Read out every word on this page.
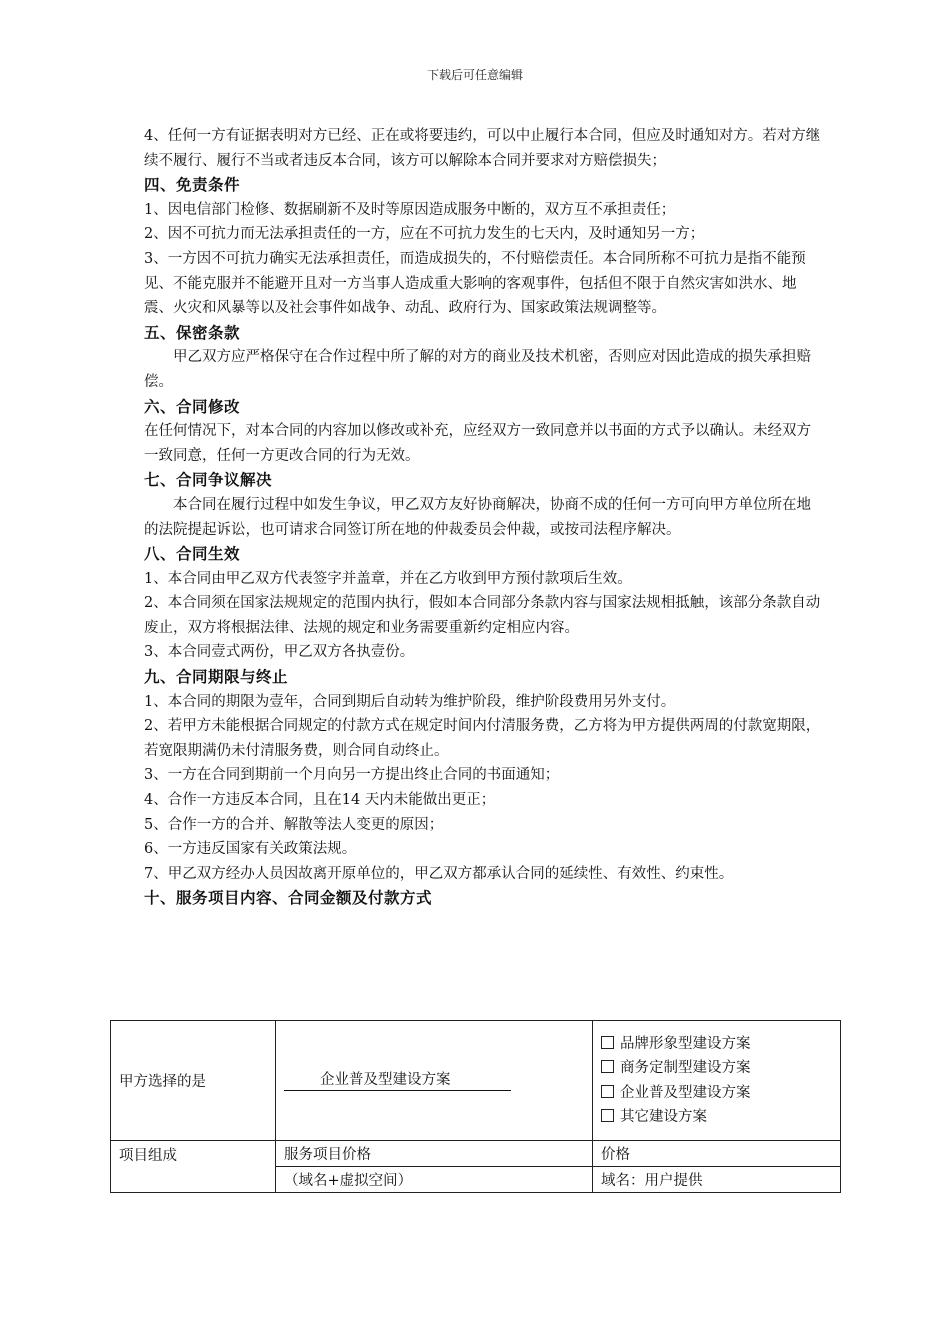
下载后可任意编辑
4、任何一方有证据表明对方已经、正在或将要违约，可以中止履行本合同，但应及时通知对方。若对方继续不履行、履行不当或者违反本合同，该方可以解除本合同并要求对方赔偿损失；
四、免责条件
1、因电信部门检修、数据刷新不及时等原因造成服务中断的，双方互不承担责任；
2、因不可抗力而无法承担责任的一方，应在不可抗力发生的七天内，及时通知另一方；
3、一方因不可抗力确实无法承担责任，而造成损失的，不付赔偿责任。本合同所称不可抗力是指不能预见、不能克服并不能避开且对一方当事人造成重大影响的客观事件，包括但不限于自然灾害如洪水、地震、火灾和风暴等以及社会事件如战争、动乱、政府行为、国家政策法规调整等。
五、保密条款
甲乙双方应严格保守在合作过程中所了解的对方的商业及技术机密，否则应对因此造成的损失承担赔偿。
六、合同修改
在任何情况下，对本合同的内容加以修改或补充，应经双方一致同意并以书面的方式予以确认。未经双方一致同意，任何一方更改合同的行为无效。
七、合同争议解决
本合同在履行过程中如发生争议，甲乙双方友好协商解决，协商不成的任何一方可向甲方单位所在地的法院提起诉讼，也可请求合同签订所在地的仲裁委员会仲裁，或按司法程序解决。
八、合同生效
1、本合同由甲乙双方代表签字并盖章，并在乙方收到甲方预付款项后生效。
2、本合同须在国家法规规定的范围内执行，假如本合同部分条款内容与国家法规相抵触，该部分条款自动废止，双方将根据法律、法规的规定和业务需要重新约定相应内容。
3、本合同壹式两份，甲乙双方各执壹份。
九、合同期限与终止
1、本合同的期限为壹年，合同到期后自动转为维护阶段，维护阶段费用另外支付。
2、若甲方未能根据合同规定的付款方式在规定时间内付清服务费，乙方将为甲方提供两周的付款宽期限，若宽限期满仍未付清服务费，则合同自动终止。
3、一方在合同到期前一个月向另一方提出终止合同的书面通知；
4、合作一方违反本合同，且在14 天内未能做出更正；
5、合作一方的合并、解散等法人变更的原因；
6、一方违反国家有关政策法规。
7、甲乙双方经办人员因故离开原单位的，甲乙双方都承认合同的延续性、有效性、约束性。
十、服务项目内容、合同金额及付款方式
甲方选择的是	企业普及型建设方案	品牌形象型建设方案
商务定制型建设方案
企业普及型建设方案
其它建设方案

项目组成	服务项目价格	价格
	（域名+虚拟空间）	域名：用户提供
